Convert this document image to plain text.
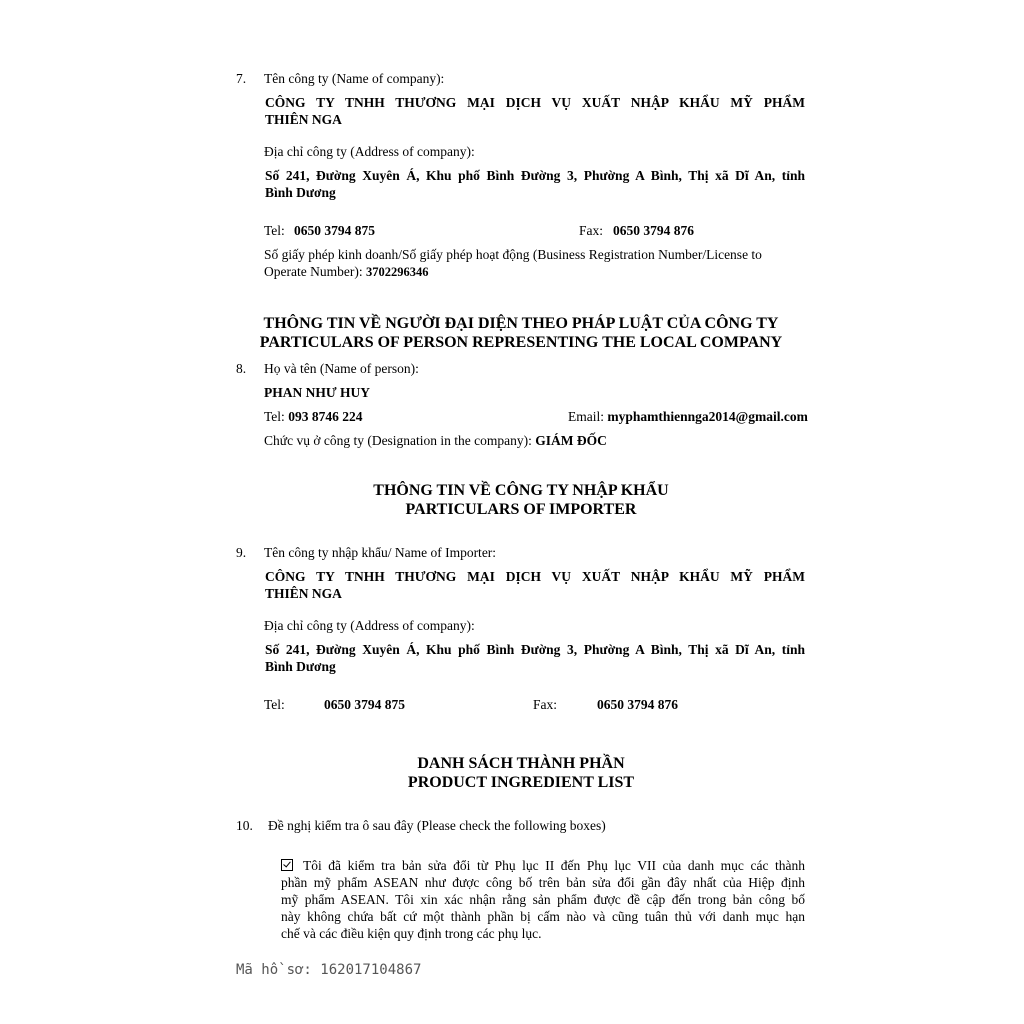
7. Tên công ty (Name of company):
CÔNG TY TNHH THƯƠNG MẠI DỊCH VỤ XUẤT NHẬP KHẨU MỸ PHẨM
THIÊN NGA
Địa chỉ công ty (Address of company):
Số 241, Đường Xuyên Á, Khu phố Bình Đường 3, Phường A Bình, Thị xã Dĩ An, tỉnh
Bình Dương
Tel: 0650 3794 875	Fax: 0650 3794 876
Số giấy phép kinh doanh/Số giấy phép hoạt động (Business Registration Number/License to
Operate Number): 3702296346
THÔNG TIN VỀ NGƯỜI ĐẠI DIỆN THEO PHÁP LUẬT CỦA CÔNG TY
PARTICULARS OF PERSON REPRESENTING THE LOCAL COMPANY
8. Họ và tên (Name of person):
PHAN NHƯ HUY
Tel: 093 8746 224	Email: myphamthiennga2014@gmail.com
Chức vụ ở công ty (Designation in the company): GIÁM ĐỐC
THÔNG TIN VỀ CÔNG TY NHẬP KHẨU
PARTICULARS OF IMPORTER
9. Tên công ty nhập khẩu/ Name of Importer:
CÔNG TY TNHH THƯƠNG MẠI DỊCH VỤ XUẤT NHẬP KHẨU MỸ PHẨM
THIÊN NGA
Địa chỉ công ty (Address of company):
Số 241, Đường Xuyên Á, Khu phố Bình Đường 3, Phường A Bình, Thị xã Dĩ An, tỉnh
Bình Dương
Tel:	0650 3794 875	Fax:	0650 3794 876
DANH SÁCH THÀNH PHẦN
PRODUCT INGREDIENT LIST
10. Đề nghị kiểm tra ô sau đây (Please check the following boxes)
Tôi đã kiểm tra bản sửa đổi từ Phụ lục II đến Phụ lục VII của danh mục các thành
phần mỹ phẩm ASEAN như được công bố trên bản sửa đổi gần đây nhất của Hiệp định
mỹ phẩm ASEAN. Tôi xin xác nhận rằng sản phẩm được đề cập đến trong bản công bố
này không chứa bất cứ một thành phần bị cấm nào và cũng tuân thủ với danh mục hạn
chế và các điều kiện quy định trong các phụ lục.
Mã hồ sơ: 162017104867
